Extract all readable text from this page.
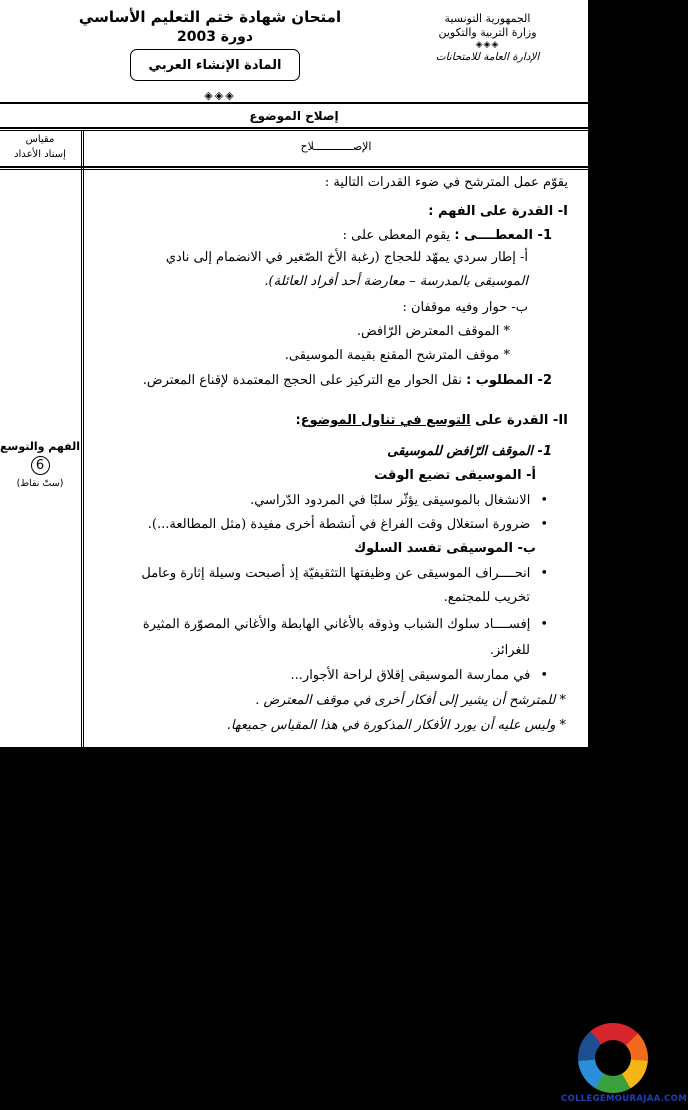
امتحان شهادة ختم التعليم الأساسي
دورة 2003
المادة الإنشاء العربي
◈◈◈
الجمهورية التونسية
وزارة التربية والتكوين
◈◈◈
الإدارة العامة للامتحانات
إصلاح الموضوع
مقياس
إسناد الأعداد
الإصــــــــــــلاح
الفهم والتوسع
6
(ستّ نقاط)
يقوّم عمل المترشح في ضوء القدرات التالية :
I- القدرة على الفهم :
1- المعطــــى : يقوم المعطى على :
أ- إطار سردي يمهّد للحجاج (رغبة الأخ الصّغير في الانضمام إلى نادي
الموسيقى بالمدرسة – معارضة أحد أفراد العائلة).
ب- حوار وفيه موقفان :
* الموقف المعترض الرّافض.
* موقف المترشح المقنع بقيمة الموسيقى.
2- المطلوب : نقل الحوار مع التركيز على الحجج المعتمدة لإقناع المعترض.
II- القدرة على التوسع في تناول الموضوع:
1- الموقف الرّافض للموسيقى
أ- الموسيقى تضيع الوقت
• الانشغال بالموسيقى يؤثّر سلبًا في المردود الدّراسي.
• ضرورة استغلال وقت الفراغ في أنشطة أخرى مفيدة (مثل المطالعة...).
ب- الموسيقى تفسد السلوك
• انحــــراف الموسيقى عن وظيفتها التثقيفيّة إذ أصبحت وسيلة إثارة وعامل
تخريب للمجتمع.
• إفســــاد سلوك الشباب وذوقه بالأغاني الهابطة والأغاني المصوّرة المثيرة
للغرائز.
• في ممارسة الموسيقى إقلاق لراحة الأجوار...
* للمترشح أن يشير إلى أفكار أخرى في موقف المعترض .
* وليس عليه أن يورد الأفكار المذكورة في هذا المقياس جميعها.
COLLEGEMOURAJAA.COM
